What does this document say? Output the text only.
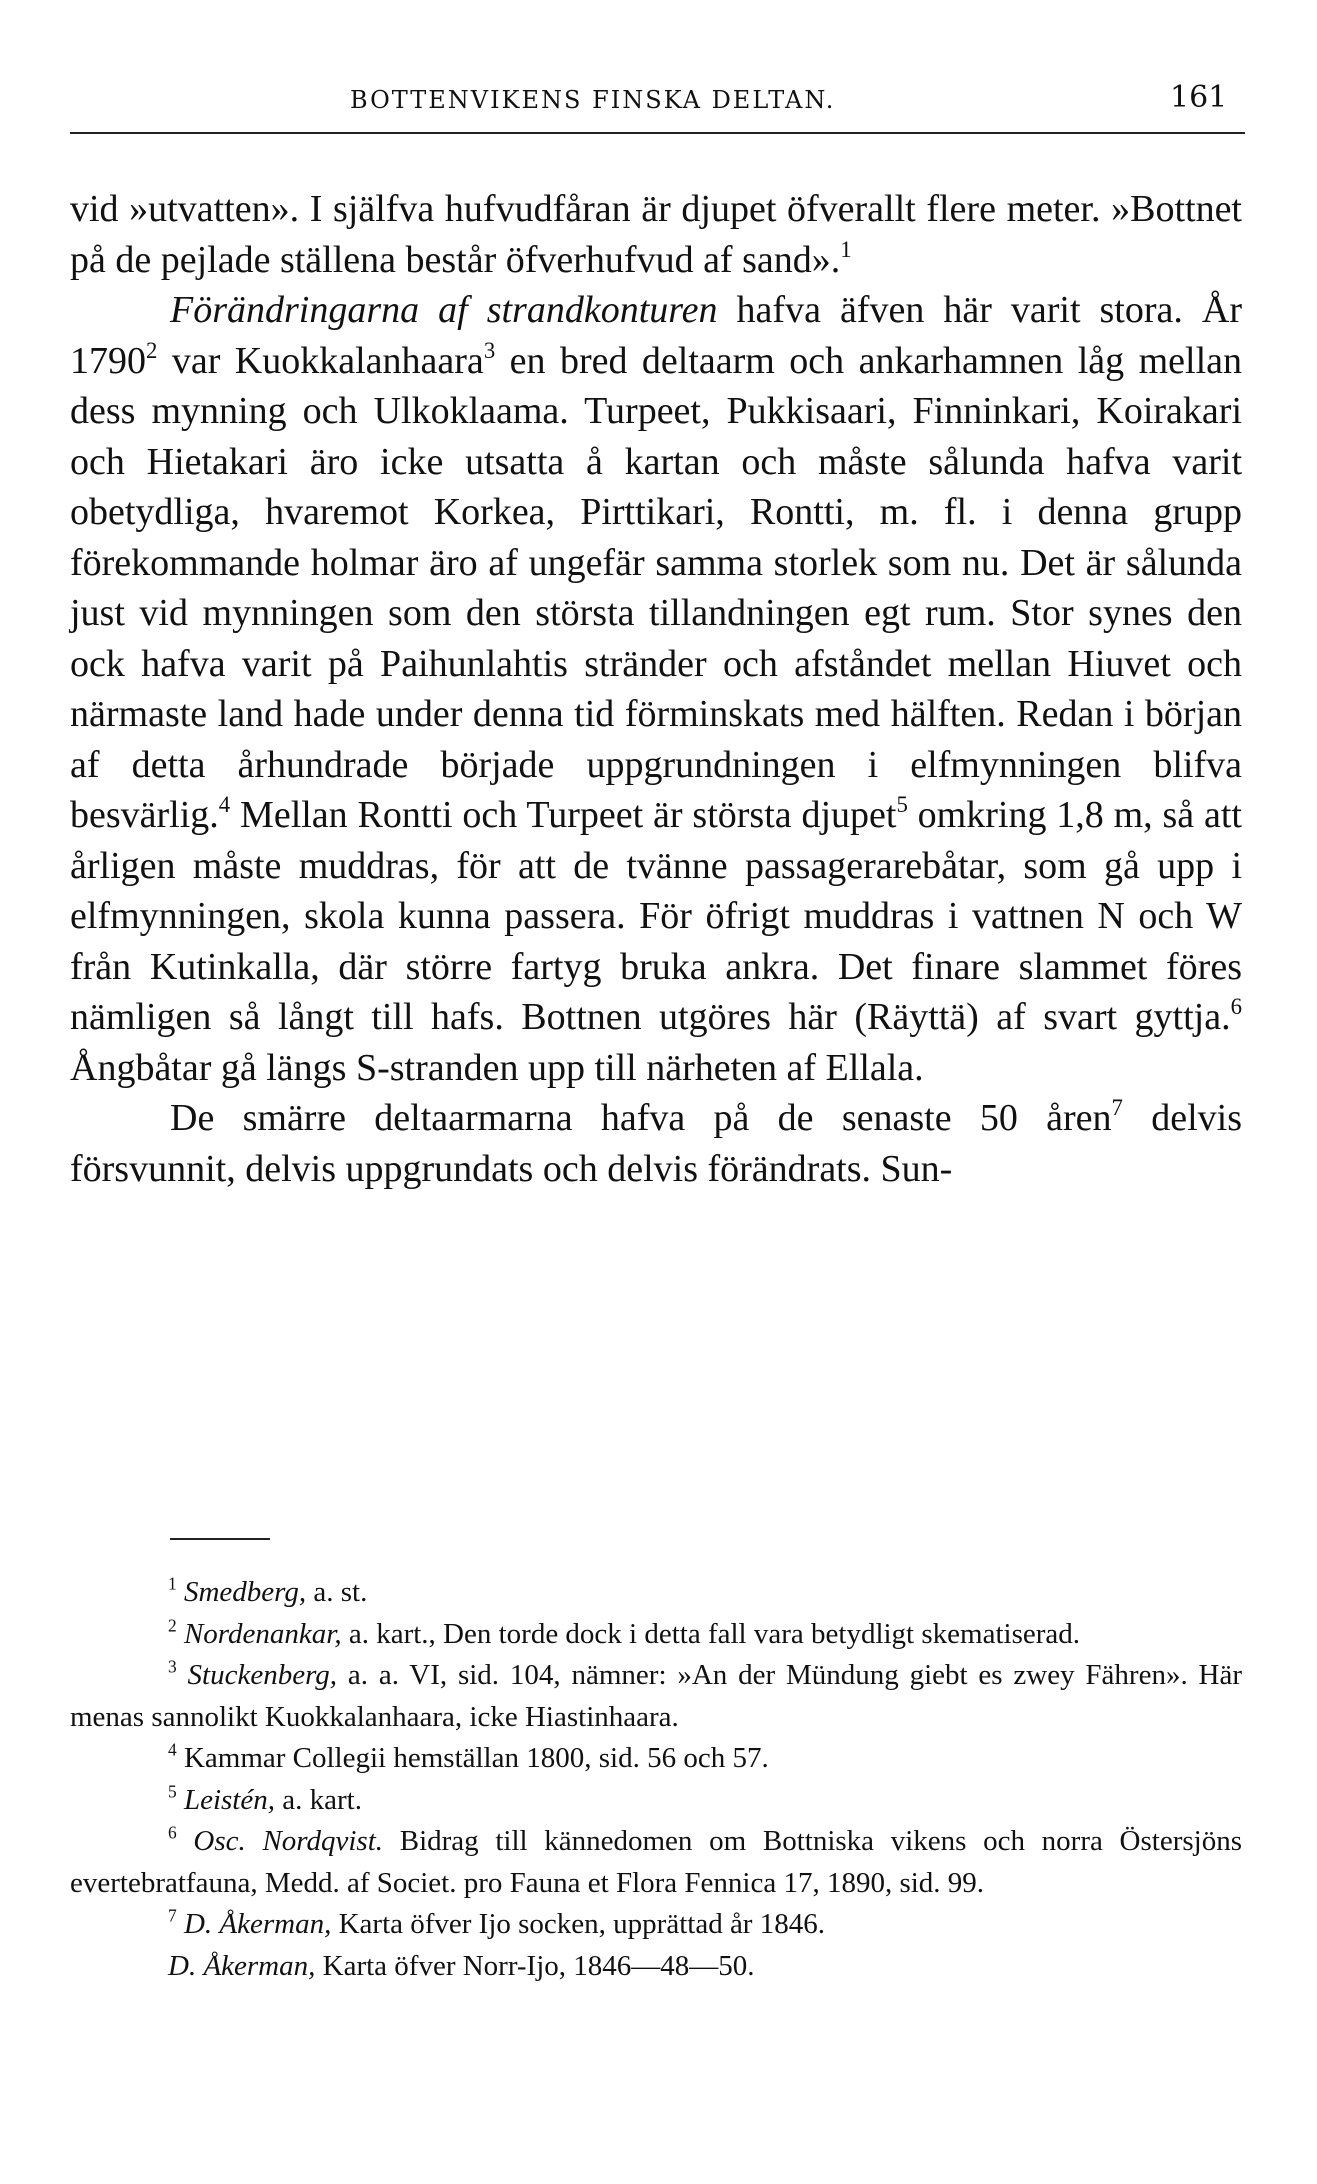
BOTTENVIKENS FINSKA DELTAN.	161

vid »utvatten». I själfva hufvudfåran är djupet öfverallt flere meter. »Bottnet på de pejlade ställena består öfverhufvud af sand».$^1$

Förändringarna af strandkonturen hafva äfven här varit stora. År 1790$^2$ var Kuokkalanhaara$^3$ en bred deltaarm och ankarhamnen låg mellan dess mynning och Ulkoklaama. Turpeet, Pukkisaari, Finninkari, Koirakari och Hietakari äro icke utsatta å kartan och måste sålunda hafva varit obetydliga, hvaremot Korkea, Pirttikari, Rontti, m. fl. i denna grupp förekommande holmar äro af ungefär samma storlek som nu. Det är sålunda just vid mynningen som den största tillandningen egt rum. Stor synes den ock hafva varit på Paihunlahtis stränder och afståndet mellan Hiuvet och närmaste land hade under denna tid förminskats med hälften. Redan i början af detta århundrade började uppgrundningen i elfmynningen blifva besvärlig.$^4$ Mellan Rontti och Turpeet är största djupet$^5$ omkring 1,8 m, så att årligen måste muddras, för att de tvänne passagerarebåtar, som gå upp i elfmynningen, skola kunna passera. För öfrigt muddras i vattnen N och W från Kutinkalla, där större fartyg bruka ankra. Det finare slammet föres nämligen så långt till hafs. Bottnen utgöres här (Räyttä) af svart gyttja.$^6$ Ångbåtar gå längs S-stranden upp till närheten af Ellala.

De smärre deltaarmarna hafva på de senaste 50 åren$^7$ delvis försvunnit, delvis uppgrundats och delvis förändrats. Sun-

$^1$ Smedberg, a. st.

$^2$ Nordenankar, a. kart., Den torde dock i detta fall vara betydligt skematiserad.

$^3$ Stuckenberg, a. a. VI, sid. 104, nämner: »An der Mündung giebt es zwey Fähren». Här menas sannolikt Kuokkalanhaara, icke Hiastinhaara.

$^4$ Kammar Collegii hemställan 1800, sid. 56 och 57.

$^5$ Leistén, a. kart.

$^6$ Osc. Nordqvist. Bidrag till kännedomen om Bottniska vikens och norra Östersjöns evertebratfauna, Medd. af Societ. pro Fauna et Flora Fennica 17, 1890, sid. 99.

$^7$ D. Åkerman, Karta öfver Ijo socken, upprättad år 1846.

D. Åkerman, Karta öfver Norr-Ijo, 1846—48—50.
